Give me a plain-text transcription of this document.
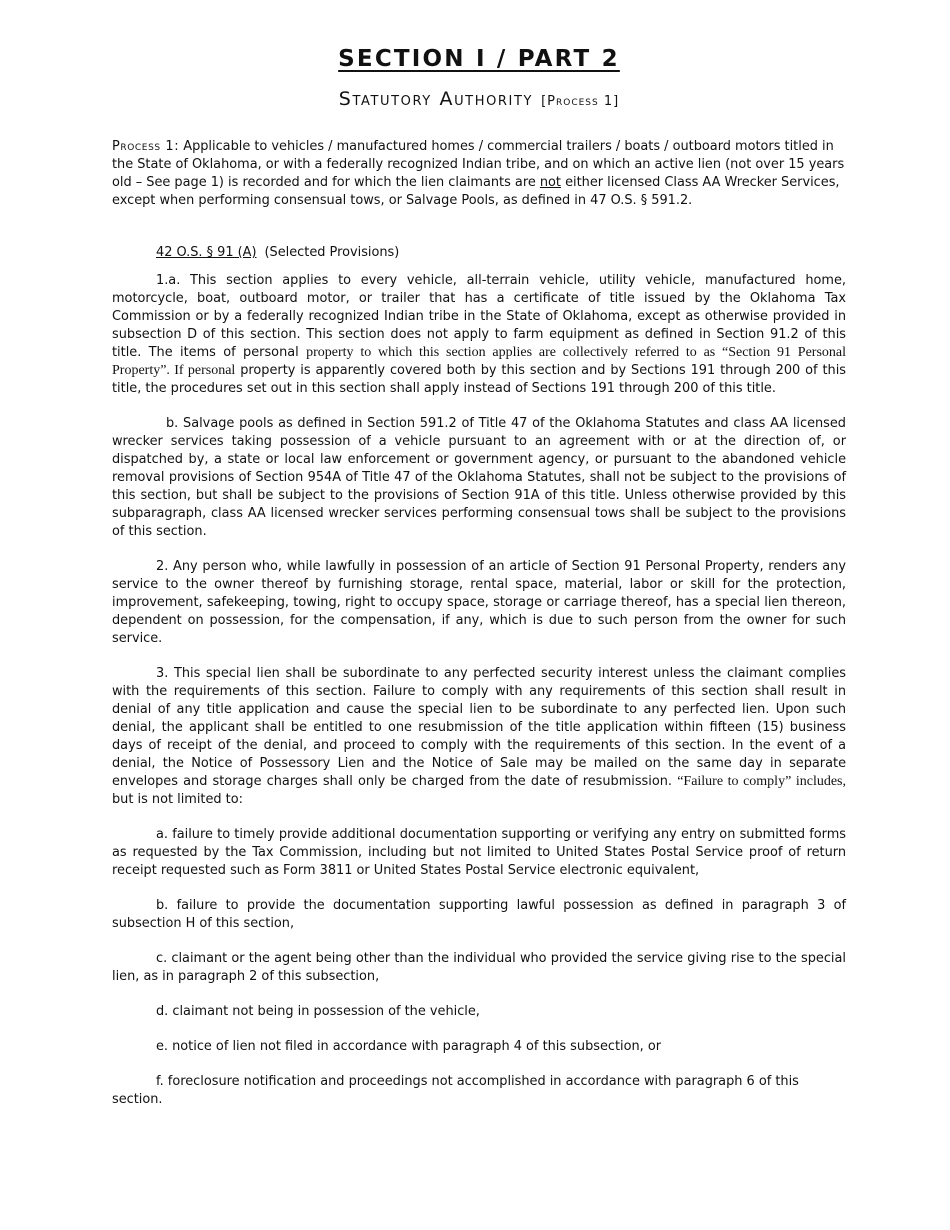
SECTION I / PART 2
Statutory Authority [Process 1]
Process 1: Applicable to vehicles / manufactured homes / commercial trailers / boats / outboard motors titled in the State of Oklahoma, or with a federally recognized Indian tribe, and on which an active lien (not over 15 years old – See page 1) is recorded and for which the lien claimants are not either licensed Class AA Wrecker Services, except when performing consensual tows, or Salvage Pools, as defined in 47 O.S. § 591.2.
42 O.S. § 91 (A) (Selected Provisions)

1.a. This section applies to every vehicle, all-terrain vehicle, utility vehicle, manufactured home, motorcycle, boat, outboard motor, or trailer that has a certificate of title issued by the Oklahoma Tax Commission or by a federally recognized Indian tribe in the State of Oklahoma, except as otherwise provided in subsection D of this section. This section does not apply to farm equipment as defined in Section 91.2 of this title. The items of personal property to which this section applies are collectively referred to as “Section 91 Personal Property”. If personal property is apparently covered both by this section and by Sections 191 through 200 of this title, the procedures set out in this section shall apply instead of Sections 191 through 200 of this title.

b. Salvage pools as defined in Section 591.2 of Title 47 of the Oklahoma Statutes and class AA licensed wrecker services taking possession of a vehicle pursuant to an agreement with or at the direction of, or dispatched by, a state or local law enforcement or government agency, or pursuant to the abandoned vehicle removal provisions of Section 954A of Title 47 of the Oklahoma Statutes, shall not be subject to the provisions of this section, but shall be subject to the provisions of Section 91A of this title. Unless otherwise provided by this subparagraph, class AA licensed wrecker services performing consensual tows shall be subject to the provisions of this section.

2. Any person who, while lawfully in possession of an article of Section 91 Personal Property, renders any service to the owner thereof by furnishing storage, rental space, material, labor or skill for the protection, improvement, safekeeping, towing, right to occupy space, storage or carriage thereof, has a special lien thereon, dependent on possession, for the compensation, if any, which is due to such person from the owner for such service.

3. This special lien shall be subordinate to any perfected security interest unless the claimant complies with the requirements of this section. Failure to comply with any requirements of this section shall result in denial of any title application and cause the special lien to be subordinate to any perfected lien. Upon such denial, the applicant shall be entitled to one resubmission of the title application within fifteen (15) business days of receipt of the denial, and proceed to comply with the requirements of this section. In the event of a denial, the Notice of Possessory Lien and the Notice of Sale may be mailed on the same day in separate envelopes and storage charges shall only be charged from the date of resubmission. “Failure to comply” includes, but is not limited to:

a. failure to timely provide additional documentation supporting or verifying any entry on submitted forms as requested by the Tax Commission, including but not limited to United States Postal Service proof of return receipt requested such as Form 3811 or United States Postal Service electronic equivalent,

b. failure to provide the documentation supporting lawful possession as defined in paragraph 3 of subsection H of this section,

c. claimant or the agent being other than the individual who provided the service giving rise to the special lien, as in paragraph 2 of this subsection,

d. claimant not being in possession of the vehicle,

e. notice of lien not filed in accordance with paragraph 4 of this subsection, or

f. foreclosure notification and proceedings not accomplished in accordance with paragraph 6 of this section.
